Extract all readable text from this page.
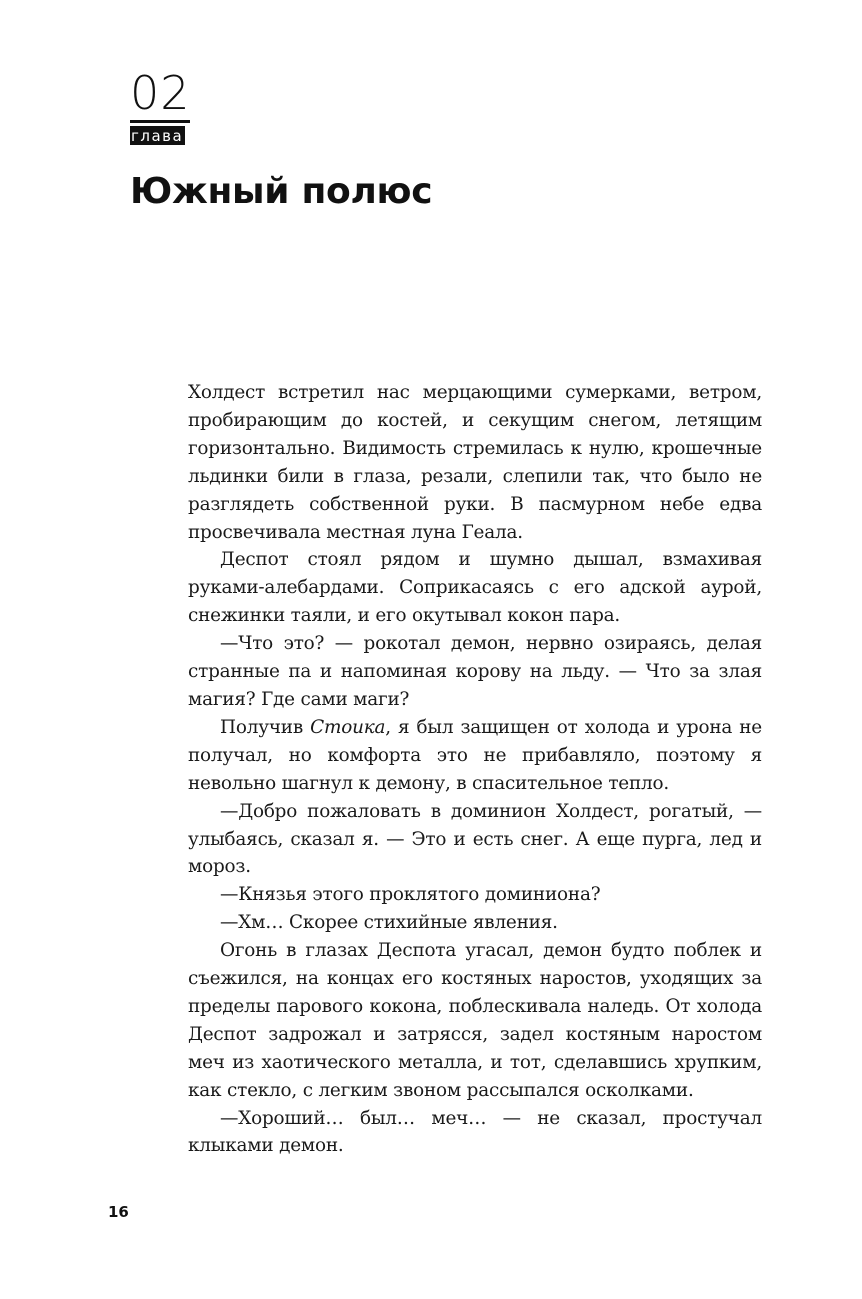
02
глава
Южный полюс

Холдест встретил нас мерцающими сумерками, ветром, пробирающим до костей, и секущим снегом, летящим горизонтально. Видимость стремилась к нулю, крошечные льдинки били в глаза, резали, слепили так, что было не разглядеть собственной руки. В пасмурном небе едва просвечивала местная луна Геала.

Деспот стоял рядом и шумно дышал, взмахивая руками-алебардами. Соприкасаясь с его адской аурой, снежинки таяли, и его окутывал кокон пара.

—Что это? — рокотал демон, нервно озираясь, делая странные па и напоминая корову на льду. — Что за злая магия? Где сами маги?

Получив Стоика, я был защищен от холода и урона не получал, но комфорта это не прибавляло, поэтому я невольно шагнул к демону, в спасительное тепло.

—Добро пожаловать в доминион Холдест, рогатый, — улыбаясь, сказал я. — Это и есть снег. А еще пурга, лед и мороз.

—Князья этого проклятого доминиона?

—Хм… Скорее стихийные явления.

Огонь в глазах Деспота угасал, демон будто поблек и съежился, на концах его костяных наростов, уходящих за пределы парового кокона, поблескивала наледь. От холода Деспот задрожал и затрясся, задел костяным наростом меч из хаотического металла, и тот, сделавшись хрупким, как стекло, с легким звоном рассыпался осколками.

—Хороший… был… меч… — не сказал, простучал клыками демон.

16
